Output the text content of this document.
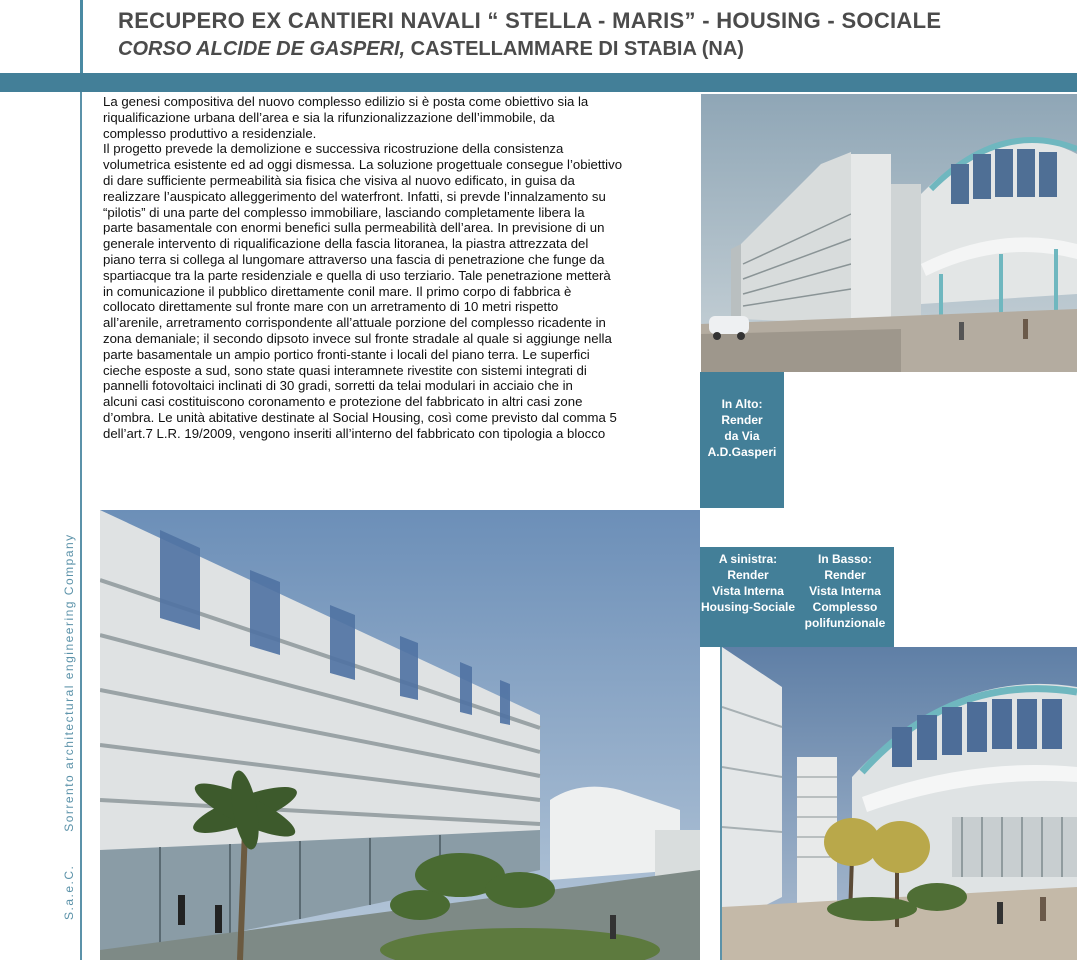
S.a.e.C. Sorrento architectural engineering Company
RECUPERO EX CANTIERI NAVALI “ STELLA - MARIS” - HOUSING - SOCIALE
CORSO ALCIDE DE GASPERI, CASTELLAMMARE DI STABIA (NA)

La genesi compositiva del nuovo complesso edilizio si è posta come obiettivo sia la

riqualificazione urbana dell’area e sia la rifunzionalizzazione dell’immobile, da

complesso produttivo a residenziale.

Il progetto prevede la demolizione e successiva ricostruzione della consistenza

volumetrica esistente ed ad oggi dismessa. La soluzione progettuale consegue l’obiettivo

di dare sufficiente permeabilità sia fisica che visiva al nuovo edificato, in guisa da

realizzare l’auspicato alleggerimento del waterfront. Infatti, si prevde l’innalzamento su

“pilotis” di una parte del complesso immobiliare, lasciando completamente libera la

parte basamentale con enormi benefici sulla permeabilità dell’area. In previsione di un

generale intervento di riqualificazione della fascia litoranea, la piastra attrezzata del

piano terra si collega al lungomare attraverso una fascia di penetrazione che funge da

spartiacque tra la parte residenziale e quella di uso terziario. Tale penetrazione metterà

in comunicazione il pubblico direttamente conil mare. Il primo corpo di fabbrica è

collocato direttamente sul fronte mare con un arretramento di 10 metri rispetto

all’arenile, arretramento corrispondente all’attuale porzione del complesso ricadente in

zona demaniale; il secondo dipsoto invece sul fronte stradale al quale si aggiunge nella

parte basamentale un ampio portico fronti-stante i locali del piano terra. Le superfici

cieche esposte a sud, sono state quasi interamnete rivestite con sistemi integrati di

pannelli fotovoltaici inclinati di 30 gradi, sorretti da telai modulari in acciaio che in

alcuni casi costituiscono coronamento e protezione del fabbricato in altri casi zone

d’ombra. Le unità abitative destinate al Social Housing, così come previsto dal comma 5

dell’art.7 L.R. 19/2009, vengono inseriti all’interno del fabbricato con tipologia a blocco

In Alto:
Render
da Via
A.D.Gasperi
A sinistra:
Render
Vista Interna
Housing-Sociale
In Basso:
Render
Vista Interna
Complesso
polifunzionale
